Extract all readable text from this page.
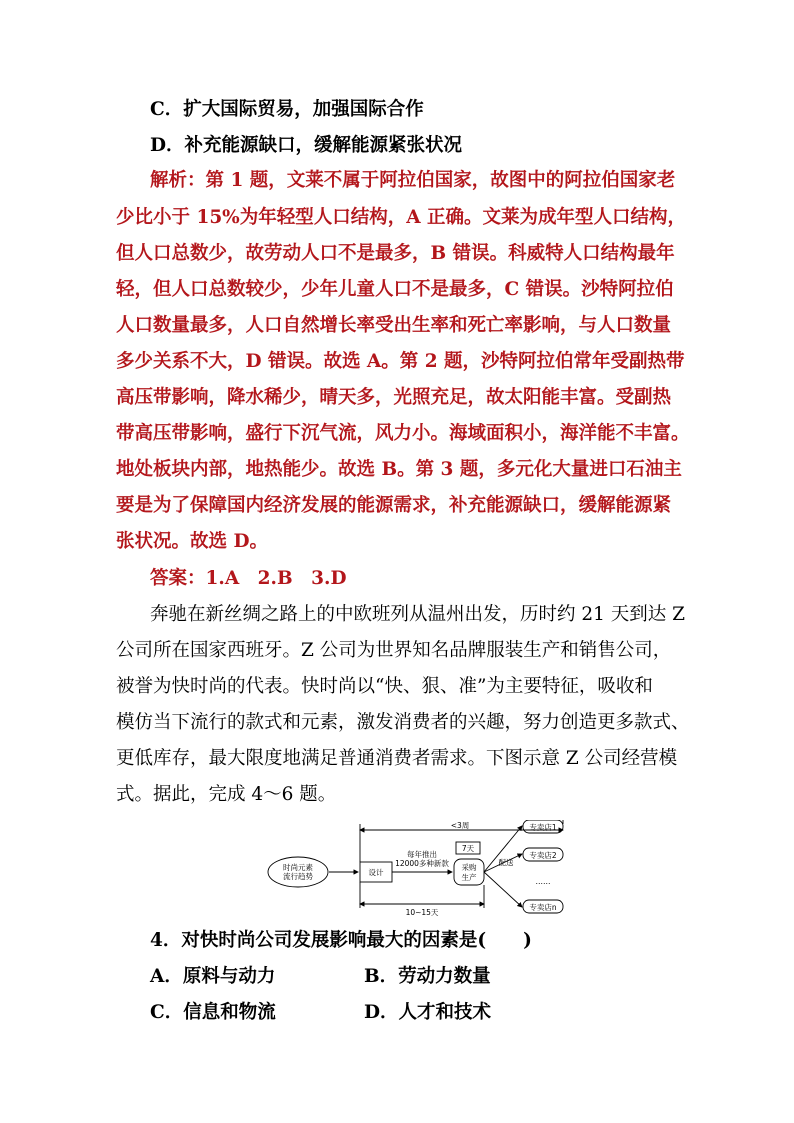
C．扩大国际贸易，加强国际合作
D．补充能源缺口，缓解能源紧张状况
解析：第 1 题，文莱不属于阿拉伯国家，故图中的阿拉伯国家老
少比小于 15%为年轻型人口结构，A 正确。文莱为成年型人口结构，
但人口总数少，故劳动人口不是最多，B 错误。科威特人口结构最年
轻，但人口总数较少，少年儿童人口不是最多，C 错误。沙特阿拉伯
人口数量最多，人口自然增长率受出生率和死亡率影响，与人口数量
多少关系不大，D 错误。故选 A。第 2 题，沙特阿拉伯常年受副热带
高压带影响，降水稀少，晴天多，光照充足，故太阳能丰富。受副热
带高压带影响，盛行下沉气流，风力小。海域面积小，海洋能不丰富。
地处板块内部，地热能少。故选 B。第 3 题，多元化大量进口石油主
要是为了保障国内经济发展的能源需求，补充能源缺口，缓解能源紧
张状况。故选 D。
答案：1.A　2.B　3.D
奔驰在新丝绸之路上的中欧班列从温州出发，历时约 21 天到达 Z
公司所在国家西班牙。Z 公司为世界知名品牌服装生产和销售公司，
被誉为快时尚的代表。快时尚以“快、狠、准”为主要特征，吸收和
模仿当下流行的款式和元素，激发消费者的兴趣，努力创造更多款式、
更低库存，最大限度地满足普通消费者需求。下图示意 Z 公司经营模
式。据此，完成 4～6 题。
时尚元素
流行趋势	设计
每年推出
12000多种新款 采购
生产
7天
<3周
10~15天
配送
专卖店1
专卖店2
……
专卖店n
4．对快时尚公司发展影响最大的因素是(　　)
A．原料与动力	B．劳动力数量
C．信息和物流	D．人才和技术
